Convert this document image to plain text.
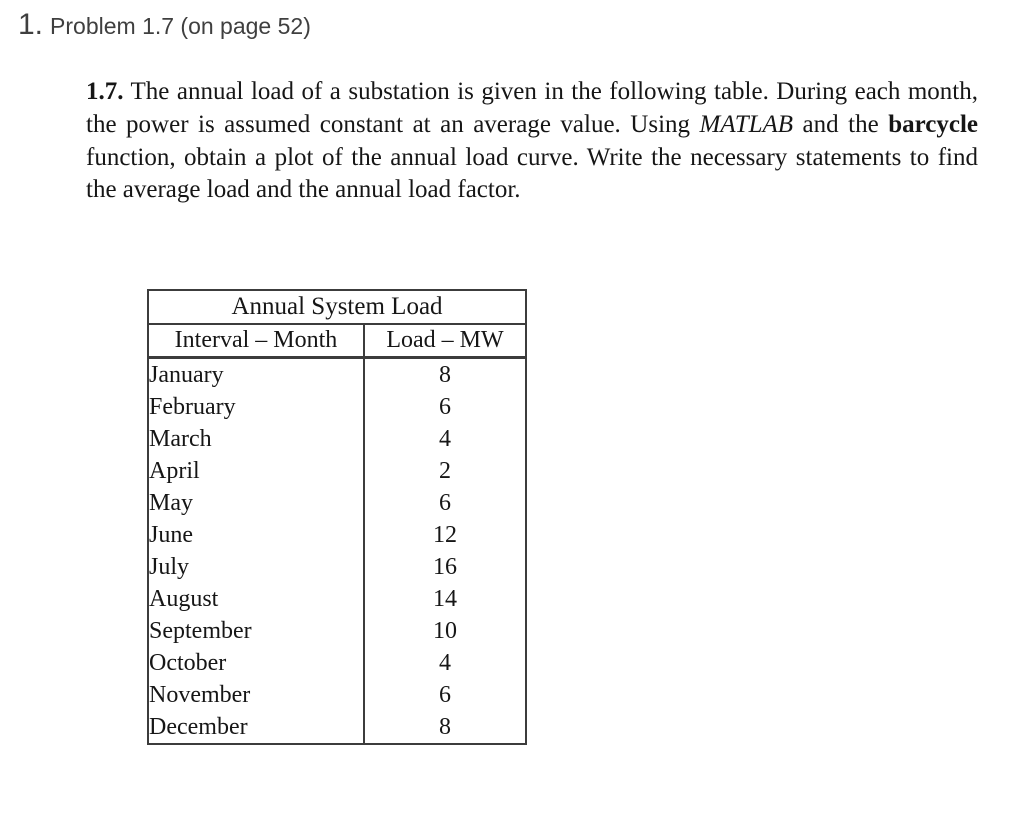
1. Problem 1.7 (on page 52)

1.7. The annual load of a substation is given in the following table. During each month, the power is assumed constant at an average value. Using MATLAB and the barcycle function, obtain a plot of the annual load curve. Write the necessary statements to find the average load and the annual load factor.

Annual System Load	
Interval – Month	Load – MW
January	8
February	6
March	4
April	2
May	6
June	12
July	16
August	14
September	10
October	4
November	6
December	8
